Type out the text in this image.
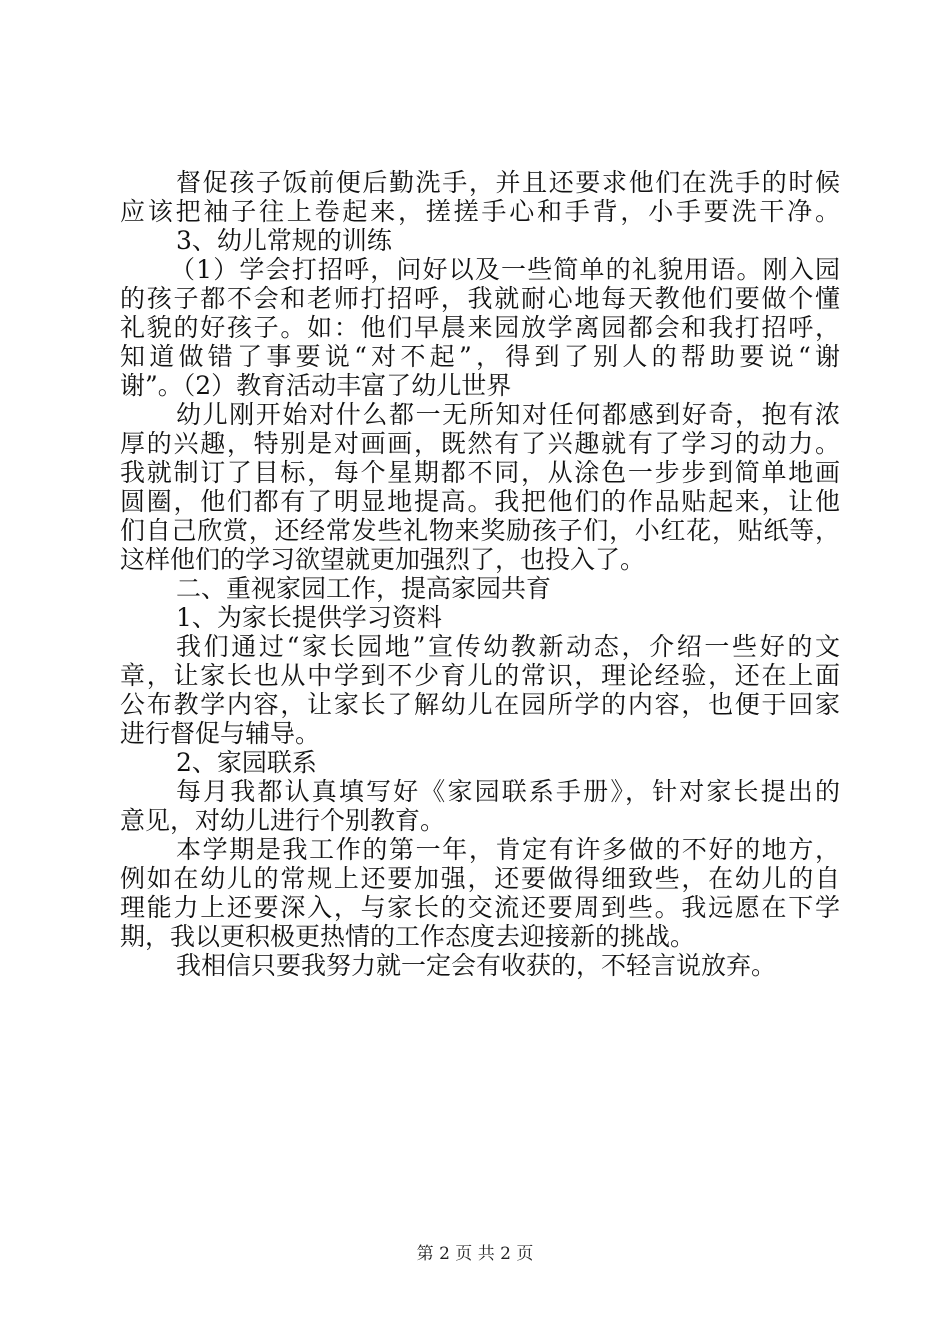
督促孩子饭前便后勤洗手，并且还要求他们在洗手的时候
应该把袖子往上卷起来，搓搓手心和手背，小手要洗干净。
3、幼儿常规的训练
（1）学会打招呼，问好以及一些简单的礼貌用语。刚入园
的孩子都不会和老师打招呼，我就耐心地每天教他们要做个懂
礼貌的好孩子。如：他们早晨来园放学离园都会和我打招呼，
知道做错了事要说“对不起”，得到了别人的帮助要说“谢
谢”。（2）教育活动丰富了幼儿世界
幼儿刚开始对什么都一无所知对任何都感到好奇，抱有浓
厚的兴趣，特别是对画画，既然有了兴趣就有了学习的动力。
我就制订了目标，每个星期都不同，从涂色一步步到简单地画
圆圈，他们都有了明显地提高。我把他们的作品贴起来，让他
们自己欣赏，还经常发些礼物来奖励孩子们，小红花，贴纸等，
这样他们的学习欲望就更加强烈了，也投入了。
二、重视家园工作，提高家园共育
1、为家长提供学习资料
我们通过“家长园地”宣传幼教新动态，介绍一些好的文
章，让家长也从中学到不少育儿的常识，理论经验，还在上面
公布教学内容，让家长了解幼儿在园所学的内容，也便于回家
进行督促与辅导。
2、家园联系
每月我都认真填写好《家园联系手册》，针对家长提出的
意见，对幼儿进行个别教育。
本学期是我工作的第一年，肯定有许多做的不好的地方，
例如在幼儿的常规上还要加强，还要做得细致些，在幼儿的自
理能力上还要深入，与家长的交流还要周到些。我远愿在下学
期，我以更积极更热情的工作态度去迎接新的挑战。
我相信只要我努力就一定会有收获的，不轻言说放弃。
第 2 页 共 2 页
